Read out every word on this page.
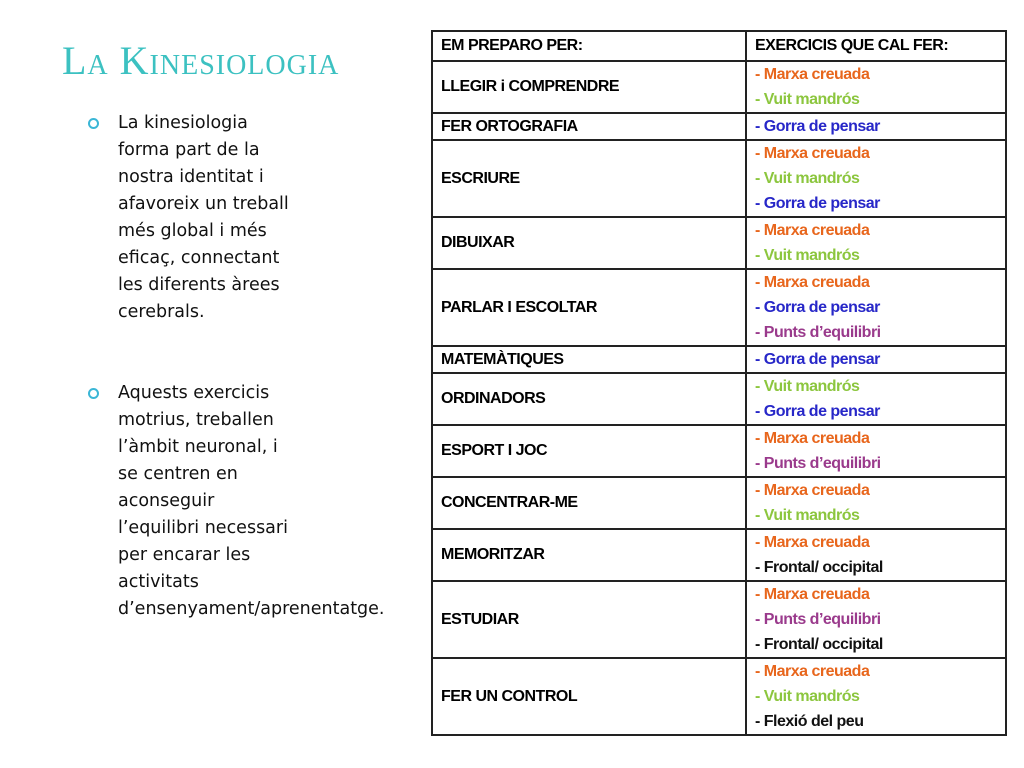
La Kinesiologia
La kinesiologia forma part de la nostra identitat i afavoreix un treball més global i més eficaç, connectant les diferents àrees cerebrals.
Aquests exercicis motrius, treballen l’àmbit neuronal, i se centren en aconseguir l’equilibri necessari per encarar les activitats d’ensenyament/aprenentatge.
EM PREPARO PER:	EXERCICIS QUE CAL FER:
LLEGIR i COMPRENDRE	- Marxa creuada
- Vuit mandrós

FER ORTOGRAFIA	- Gorra de pensar

ESCRIURE	- Marxa creuada
- Vuit mandrós
- Gorra de pensar

DIBUIXAR	- Marxa creuada
- Vuit mandrós

PARLAR I ESCOLTAR	- Marxa creuada
- Gorra de pensar
- Punts d’equilibri

MATEMÀTIQUES	- Gorra de pensar

ORDINADORS	- Vuit mandrós
- Gorra de pensar

ESPORT I JOC	- Marxa creuada
- Punts d’equilibri

CONCENTRAR-ME	- Marxa creuada
- Vuit mandrós

MEMORITZAR	- Marxa creuada
- Frontal/ occipital

ESTUDIAR	- Marxa creuada
- Punts d’equilibri
- Frontal/ occipital

FER UN CONTROL	- Marxa creuada
- Vuit mandrós
- Flexió del peu
